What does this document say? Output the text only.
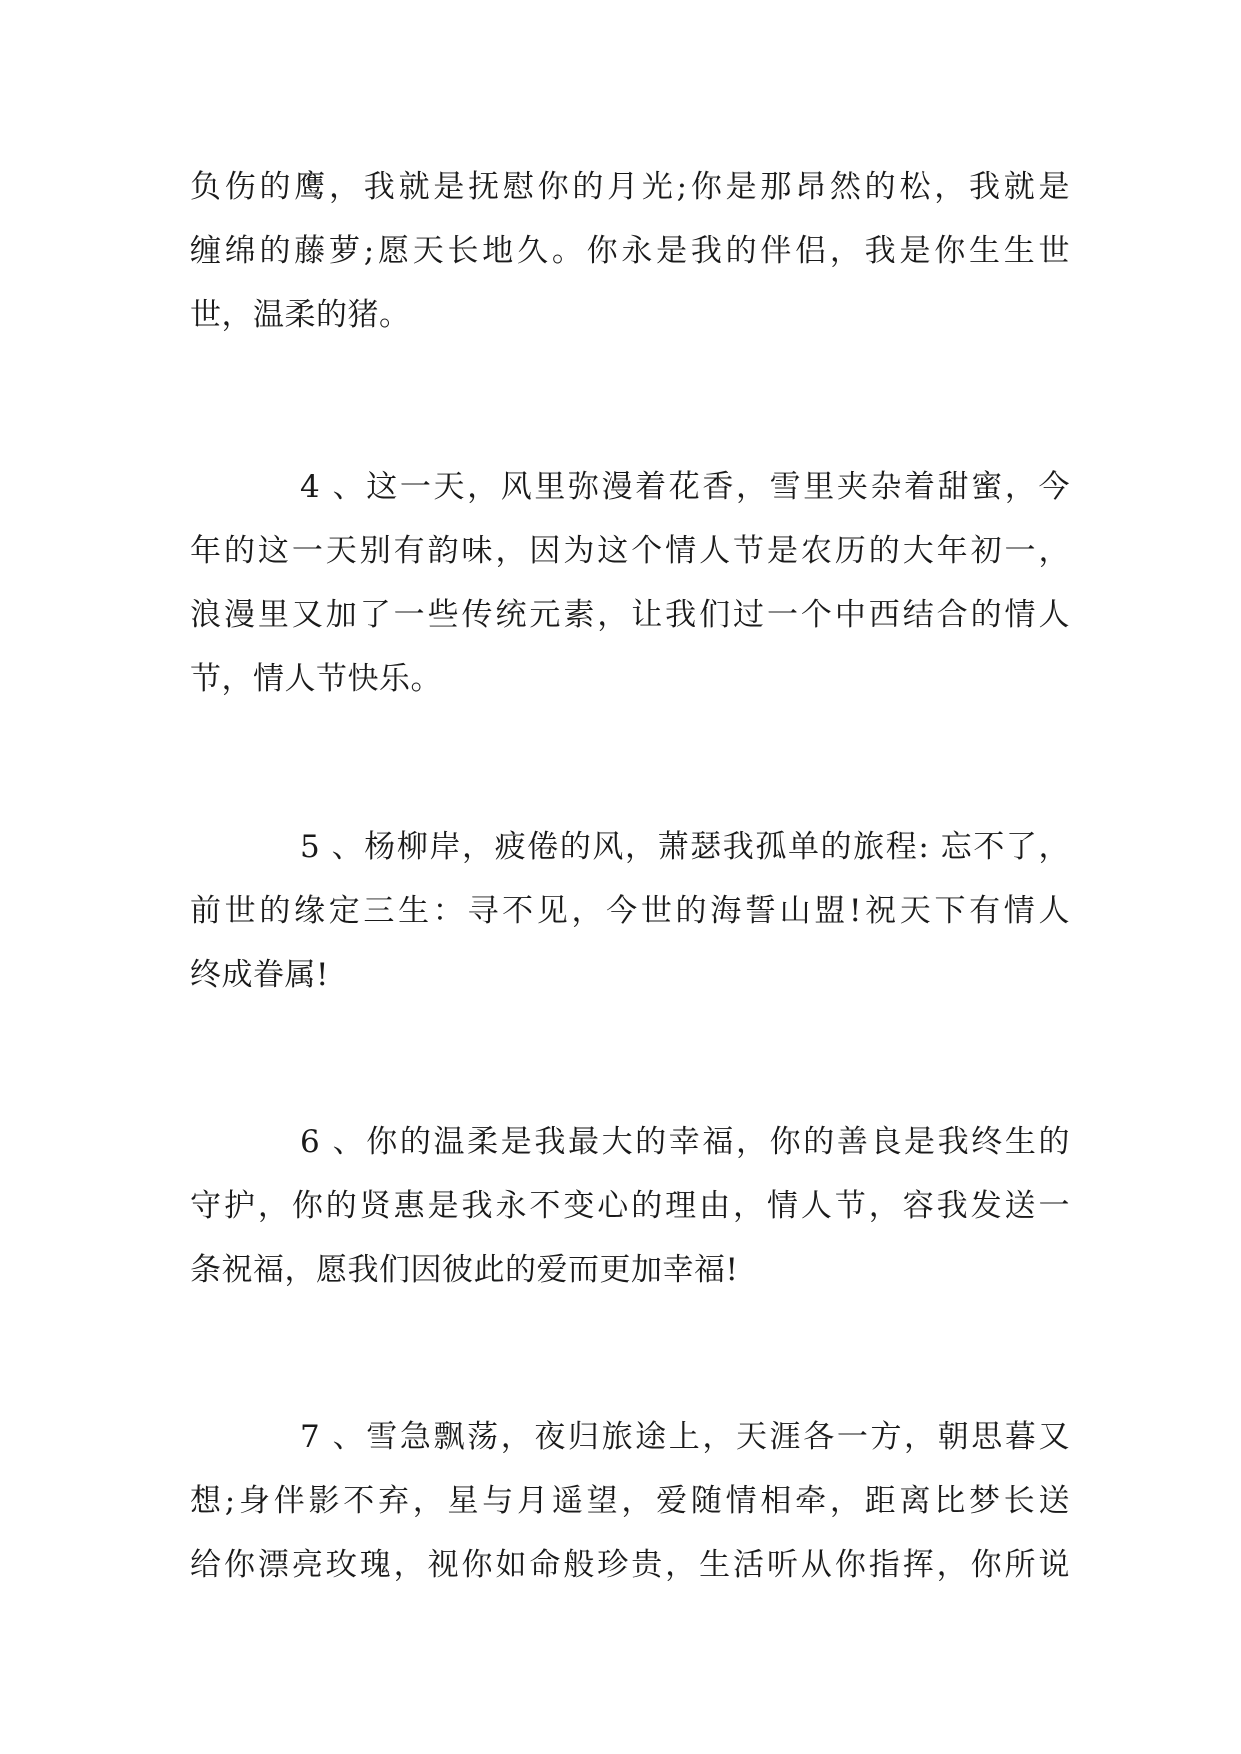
负伤的鹰，我就是抚慰你的月光;你是那昂然的松，我就是
缠绵的藤萝;愿天长地久。你永是我的伴侣，我是你生生世
世，温柔的猪。
4 、这一天，风里弥漫着花香，雪里夹杂着甜蜜，今
年的这一天别有韵味，因为这个情人节是农历的大年初一，
浪漫里又加了一些传统元素，让我们过一个中西结合的情人
节，情人节快乐。
5 、杨柳岸，疲倦的风，萧瑟我孤单的旅程: 忘不了，
前世的缘定三生：寻不见，今世的海誓山盟!祝天下有情人
终成眷属!
6 、你的温柔是我最大的幸福，你的善良是我终生的
守护，你的贤惠是我永不变心的理由，情人节，容我发送一
条祝福，愿我们因彼此的爱而更加幸福!
7 、雪急飘荡，夜归旅途上，天涯各一方，朝思暮又
想;身伴影不弃，星与月遥望，爱随情相牵，距离比梦长送
给你漂亮玫瑰，视你如命般珍贵，生活听从你指挥，你所说
